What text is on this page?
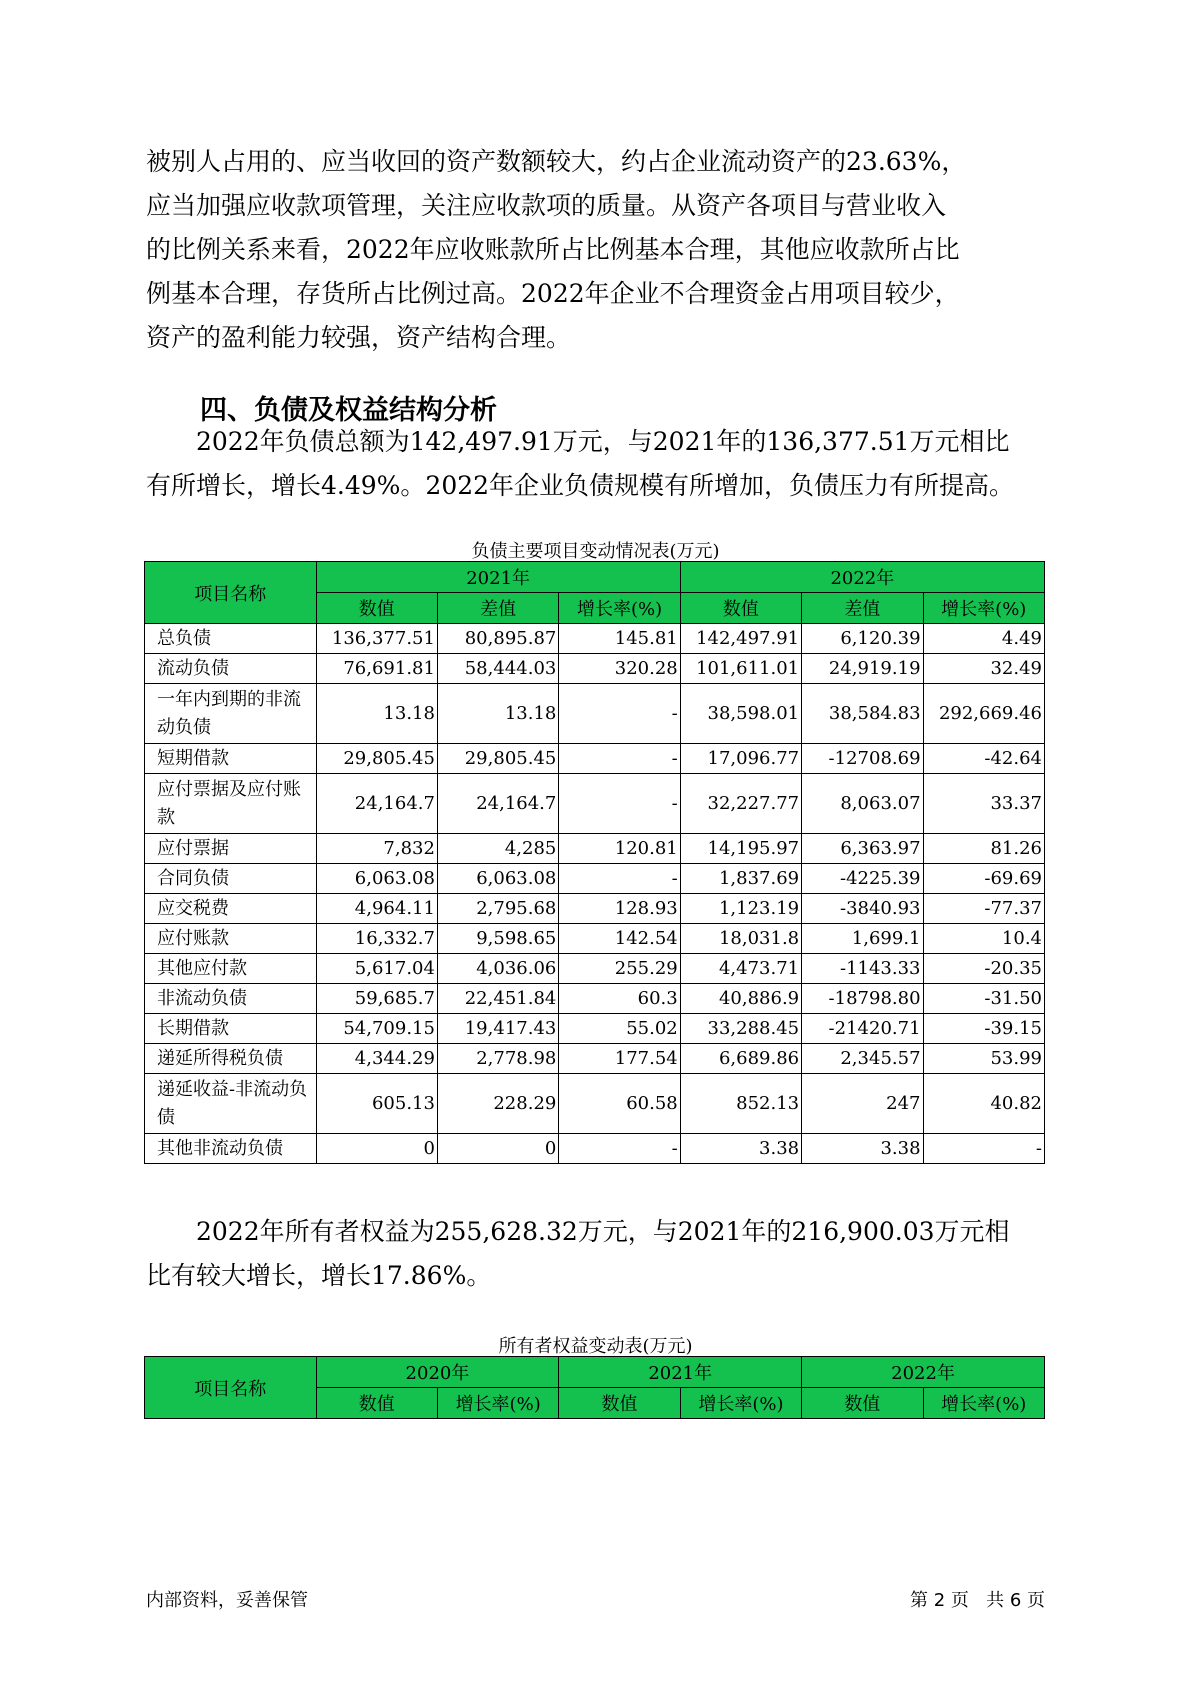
被别人占用的、应当收回的资产数额较大，约占企业流动资产的23.63%，
应当加强应收款项管理，关注应收款项的质量。从资产各项目与营业收入
的比例关系来看，2022年应收账款所占比例基本合理，其他应收款所占比
例基本合理，存货所占比例过高。2022年企业不合理资金占用项目较少，
资产的盈利能力较强，资产结构合理。
四、负债及权益结构分析
2022年负债总额为142,497.91万元，与2021年的136,377.51万元相比
有所增长，增长4.49%。2022年企业负债规模有所增加，负债压力有所提高。
负债主要项目变动情况表(万元)
项目名称	2021年			2022年		
	数值	差值	增长率(%)	数值	差值	增长率(%)
总负债	136,377.51	80,895.87	145.81	142,497.91	6,120.39	4.49
流动负债	76,691.81	58,444.03	320.28	101,611.01	24,919.19	32.49
一年内到期的非流
动负债	13.18	13.18	-	38,598.01	38,584.83	292,669.46
短期借款	29,805.45	29,805.45	-	17,096.77	-12708.69	-42.64
应付票据及应付账
款	24,164.7	24,164.7	-	32,227.77	8,063.07	33.37
应付票据	7,832	4,285	120.81	14,195.97	6,363.97	81.26
合同负债	6,063.08	6,063.08	-	1,837.69	-4225.39	-69.69
应交税费	4,964.11	2,795.68	128.93	1,123.19	-3840.93	-77.37
应付账款	16,332.7	9,598.65	142.54	18,031.8	1,699.1	10.4
其他应付款	5,617.04	4,036.06	255.29	4,473.71	-1143.33	-20.35
非流动负债	59,685.7	22,451.84	60.3	40,886.9	-18798.80	-31.50
长期借款	54,709.15	19,417.43	55.02	33,288.45	-21420.71	-39.15
递延所得税负债	4,344.29	2,778.98	177.54	6,689.86	2,345.57	53.99
递延收益-非流动负
债	605.13	228.29	60.58	852.13	247	40.82
其他非流动负债	0	0	-	3.38	3.38	-
2022年所有者权益为255,628.32万元，与2021年的216,900.03万元相
比有较大增长，增长17.86%。
所有者权益变动表(万元)
项目名称	2020年		2021年		2022年	
	数值	增长率(%)	数值	增长率(%)	数值	增长率(%)
内部资料，妥善保管	第 2 页   共 6 页
